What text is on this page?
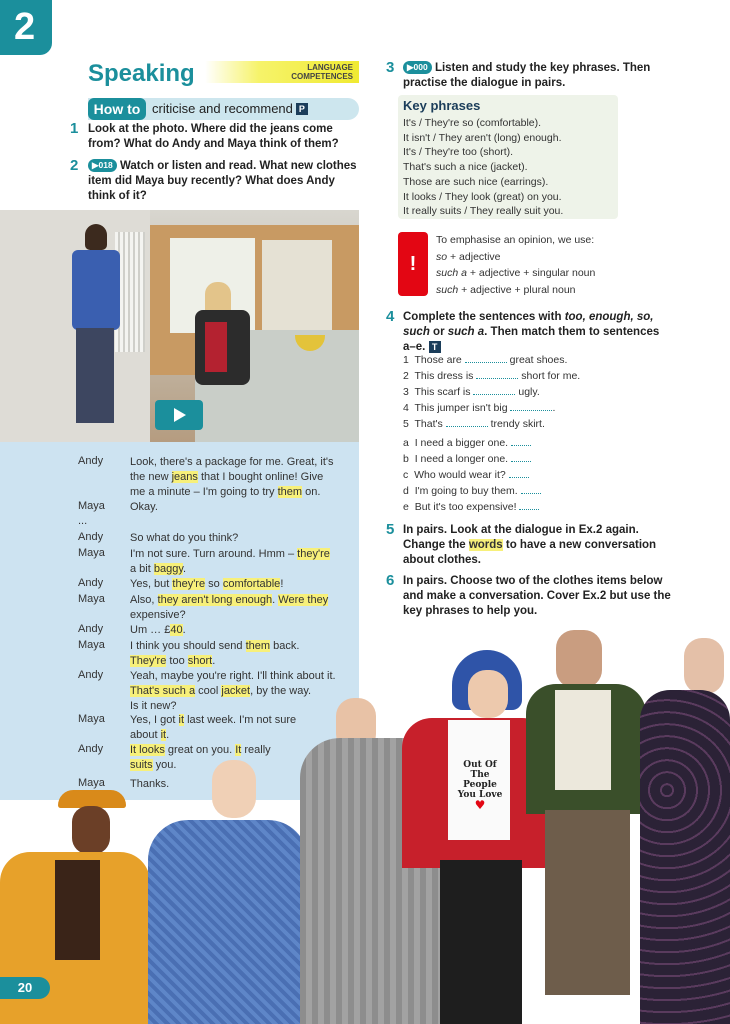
2
Speaking	LANGUAGE
COMPETENCES
How to criticise and recommend P
1 Look at the photo. Where did the jeans come from? What do Andy and Maya think of them?
2	▶018 Watch or listen and read. What new clothes item did Maya buy recently? What does Andy think of it?
Andy Look, there's a package for me. Great, it's
the new jeans that I bought online! Give
me a minute – I'm going to try them on.
Maya Okay.
...
Andy So what do you think?
Maya I'm not sure. Turn around. Hmm – they're
a bit baggy.
Andy Yes, but they're so comfortable!
Maya Also, they aren't long enough. Were they
expensive?
Andy Um … £40.
Maya I think you should send them back.
They're too short.
Andy Yeah, maybe you're right. I'll think about it.
That's such a cool jacket, by the way.
Is it new?
Maya Yes, I got it last week. I'm not sure
about it.
Andy It looks great on you. It really
suits you.
Maya Thanks.
3	▶000 Listen and study the key phrases. Then practise the dialogue in pairs.
Key phrases
It's / They're so (comfortable).
It isn't / They aren't (long) enough.
It's / They're too (short).
That's such a nice (jacket).
Those are such nice (earrings).
It looks / They look (great) on you.
It really suits / They really suit you.
!
To emphasise an opinion, we use:
so + adjective
such a + adjective + singular noun
such + adjective + plural noun
4 Complete the sentences with too, enough, so,
such or such a. Then match them to sentences
a–e. T
1 Those are	great shoes.
2 This dress is	short for me.
3 This scarf is	ugly.
4 This jumper isn't big	.
5 That's	trendy skirt.
a I need a bigger one.
b I need a longer one.
c Who would wear it?
d I'm going to buy them.
e But it's too expensive!
5 In pairs. Look at the dialogue in Ex.2 again.
Change the words to have a new conversation
about clothes.
6 In pairs. Choose two of the clothes items below and make a conversation. Cover Ex.2 but use the key phrases to help you.
Out Of
The People
You Love
♥
20
